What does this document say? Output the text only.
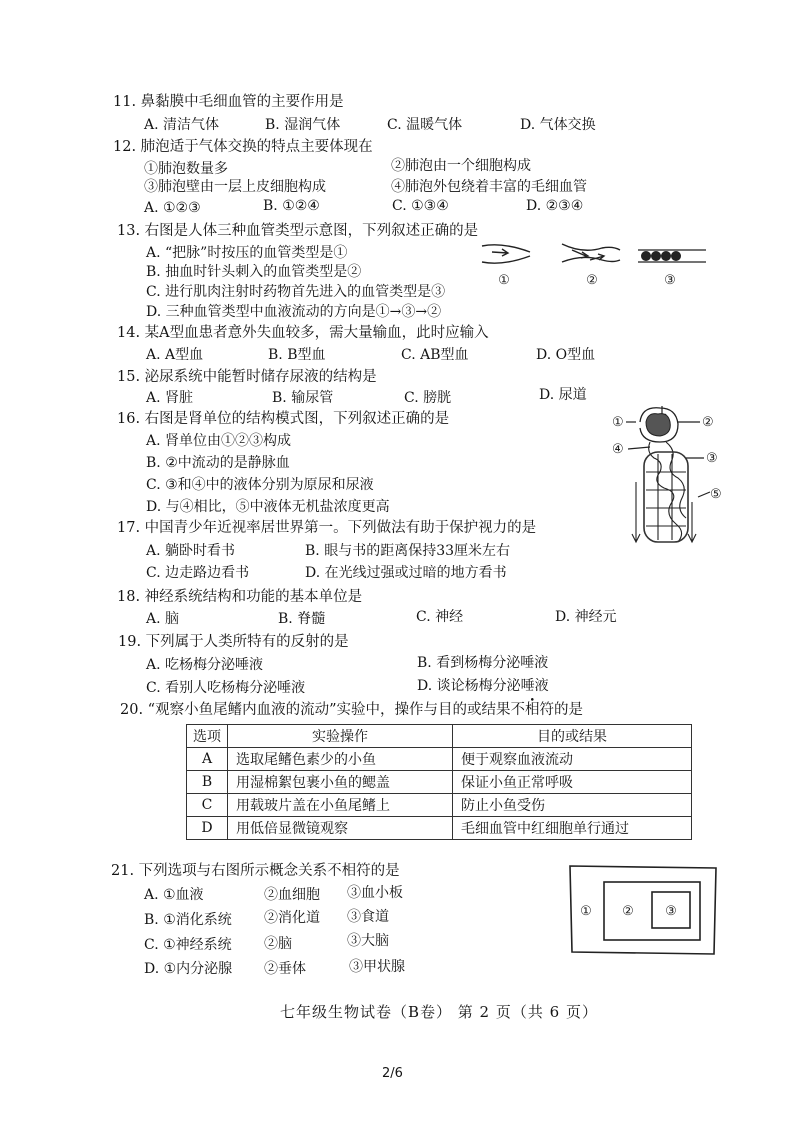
11. 鼻黏膜中毛细血管的主要作用是
A. 清洁气体	B. 湿润气体	C. 温暖气体	D. 气体交换
12. 肺泡适于气体交换的特点主要体现在
①肺泡数量多	②肺泡由一个细胞构成
③肺泡壁由一层上皮细胞构成	④肺泡外包绕着丰富的毛细血管
A. ①②③	B. ①②④	C. ①③④	D. ②③④
13. 右图是人体三种血管类型示意图，下列叙述正确的是
A. “把脉”时按压的血管类型是①
B. 抽血时针头刺入的血管类型是②
C. 进行肌肉注射时药物首先进入的血管类型是③
D. 三种血管类型中血液流动的方向是①→③→②
①	②	③
14. 某A型血患者意外失血较多，需大量输血，此时应输入
A. A型血	B. B型血	C. AB型血	D. O型血
15. 泌尿系统中能暂时储存尿液的结构是
A. 肾脏	B. 输尿管	C. 膀胱	D. 尿道
16. 右图是肾单位的结构模式图，下列叙述正确的是
A. 肾单位由①②③构成
B. ②中流动的是静脉血
C. ③和④中的液体分别为原尿和尿液
D. 与④相比，⑤中液体无机盐浓度更高
①	②
③
④
⑤
17. 中国青少年近视率居世界第一。下列做法有助于保护视力的是
A. 躺卧时看书	B. 眼与书的距离保持33厘米左右
C. 边走路边看书	D. 在光线过强或过暗的地方看书
18. 神经系统结构和功能的基本单位是
A. 脑	B. 脊髓	C. 神经	D. 神经元
19. 下列属于人类所特有的反射的是
A. 吃杨梅分泌唾液	B. 看到杨梅分泌唾液
C. 看别人吃杨梅分泌唾液	D. 谈论杨梅分泌唾液
20. “观察小鱼尾鳍内血液的流动”实验中，操作与目的或结果不相符的是
选项	实验操作	目的或结果
A	选取尾鳍色素少的小鱼	便于观察血液流动
B	用湿棉絮包裹小鱼的鳃盖	保证小鱼正常呼吸
C	用载玻片盖在小鱼尾鳍上	防止小鱼受伤
D	用低倍显微镜观察	毛细血管中红细胞单行通过
21. 下列选项与右图所示概念关系不相符的是
A. ①血液	②血细胞 ③血小板
B. ①消化系统 ②消化道 ③食道
C. ①神经系统 ②脑	③大脑
D. ①内分泌腺 ②垂体	③甲状腺
① ② ③
七年级生物试卷（B卷） 第 2 页（共 6 页）
2/6
